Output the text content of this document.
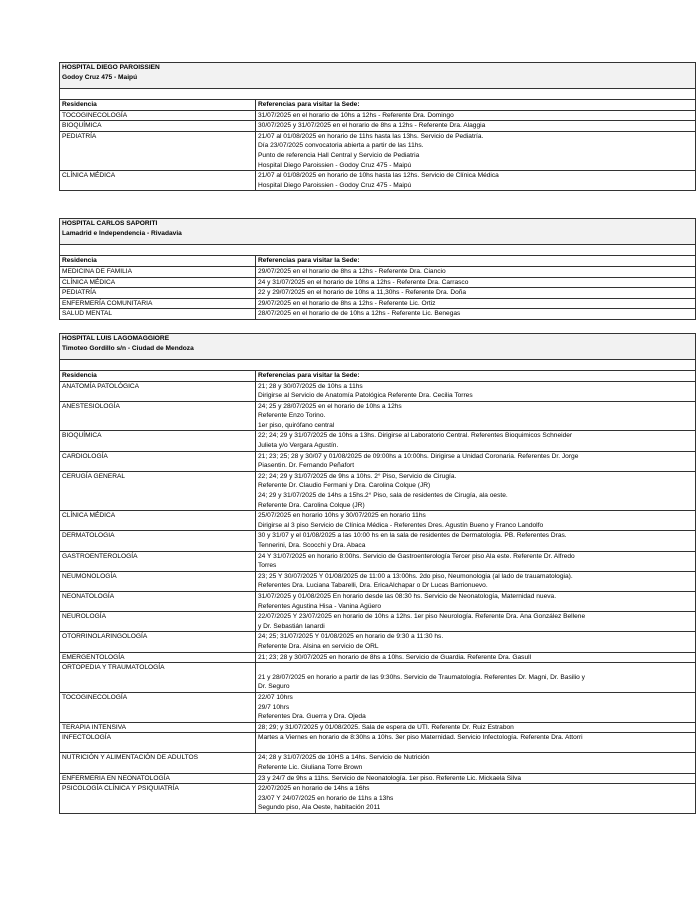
HOSPITAL DIEGO PAROISSIEN
Godoy Cruz 475 - Maipú	

Residencia	Referencias para visitar la Sede:
TOCOGINECOLOGÍA	31/07/2025 en el horario de 10hs a 12hs - Referente Dra. Domingo

BIOQUÍMICA	30/07/2025 y 31/07/2025 en el horario de 8hs a 12hs - Referente Dra. Alaggia

PEDIATRÍA	21/07 al 01/08/2025 en horario de 11hs hasta las 13hs. Servicio de Pediatría.
Día 23/07/2025 convocatoria abierta a partir de las 11hs.
Punto de referencia Hall Central y Servicio de Pediatria
Hospital Diego Paroissien - Godoy Cruz 475 - Maipú

CLÍNICA MÉDICA	21/07 al 01/08/2025 en horario de 10hs hasta las 12hs. Servicio de Clínica Médica
Hospital Diego Paroissien - Godoy Cruz 475 - Maipú
HOSPITAL CARLOS SAPORITI
Lamadrid e Independencia - Rivadavia	

Residencia	Referencias para visitar la Sede:
MEDICINA DE FAMILIA	29/07/2025 en el horario de 8hs a 12hs - Referente Dra. Ciancio

CLÍNICA MÉDICA	24 y 31/07/2025 en el horario de 10hs a 12hs - Referente Dra. Carrasco

PEDIATRÍA	22 y 29/07/2025 en el horario de 10hs a 11,30hs - Referente Dra. Doña

ENFERMERÍA COMUNITARIA	29/07/2025 en el horario de 8hs a 12hs - Referente Lic. Ortiz

SALUD MENTAL	28/07/2025 en el horario de de 10hs a 12hs - Referente Lic. Benegas
HOSPITAL LUIS LAGOMAGGIORE
Timoteo Gordillo s/n - Ciudad de Mendoza	

Residencia	Referencias para visitar la Sede:
ANATOMÍA PATOLÓGICA	21; 28 y 30/07/2025 de 10hs a 11hs
Dirigirse al Servicio de Anatomía Patológica Referente Dra. Cecilia Torres

ANESTESIOLOGÍA	24; 25 y 28/07/2025 en el horario de 10hs a 12hs
Referente Enzo Torino.
1er piso, quirófano central

BIOQUÍMICA	22; 24; 29 y 31/07/2025 de 10hs a 13hs. Dirigirse al Laboratorio Central. Referentes Bioquimicos Schneider
Julieta y/o Vergara Agustín.

CARDIOLOGÍA	21; 23; 25; 28 y 30/07 y 01/08/2025 de 09:00hs a 10:00hs. Dirigirse a Unidad Coronaria. Referentes Dr. Jorge
Piasentin. Dr. Fernando Peñafort

CERUGÍA GENERAL	22; 24; 29 y 31/07/2025 de 9hs a 10hs. 2° Piso, Servicio de Cirugía.
Referente Dr. Claudio Fermani y Dra. Carolina Colque (JR)
24; 29 y 31/07/2025 de 14hs a 15hs.2° Piso, sala de residentes de Cirugía, ala oeste.
Referente Dra. Carolina Colque (JR)

CLÍNICA MÉDICA	25/07/2025 en horario 10hs y 30/07/2025 en horario 11hs
Dirigirse al 3 piso Servicio de Clínica Médica - Referentes Dres. Agustín Bueno y Franco Landolfo

DERMATOLOGIA	30 y 31/07 y el 01/08/2025 a las 10:00 hs en la sala de residentes de Dermatología. PB. Referentes Dras.
Tennerini, Dra. Scocchi y Dra. Abaca

GASTROENTEROLOGÍA	24 Y 31/07/2025 en horario 8:00hs. Servicio de Gastroenterología Tercer piso Ala este. Referente Dr. Alfredo
Torres

NEUMONOLOGÍA	23; 25 Y 30/07/2025 Y 01/08/2025 de 11:00 a 13:00hs. 2do piso, Neumonologia (al lado de trauamatologia).
Referentes Dra. Luciana Tabarelli, Dra. EricaAlchapar o Dr Lucas Barrionuevo.

NEONATOLOGÍA	31/07/2025 y 01/08/2025 En horario desde las 08:30 hs. Servicio de Neonatología, Maternidad nueva.
Referentes Agustina Hisa - Vanina Agüero

NEUROLOGÍA	22/07/2025 Y 23/07/2025 en horario de 10hs a 12hs. 1er piso Neurología. Referente Dra. Ana González Bellene
y Dr. Sebastián Ianardi

OTORRINOLARINGOLOGÍA	24; 25; 31/07/2025 Y 01/08/2025 en horario de 9:30 a 11:30 hs.
Referente Dra. Alsina en servicio de ORL

EMERGENTOLOGÍA	21; 23; 28 y 30/07/2025 en horario de 8hs a 10hs. Servicio de Guardia. Referente Dra. Gasull

ORTOPEDIA Y TRAUMATOLOGÍA	21 y 28/07/2025 en horario a partir de las 9:30hs. Servicio de Traumatología. Referentes Dr. Magni, Dr. Basilio y
Dr. Seguro

TOCOGINECOLOGÍA	22/07 10hrs
29/7 10hrs
Referentes Dra. Guerra y Dra. Ojeda

TERAPIA INTENSIVA	28; 29; y 31/07/2025 y 01/08/2025. Sala de espera de UTI. Referente Dr. Ruiz Estrabon

INFECTOLOGÍA	Martes a Viernes en horario de 8:30hs a 10hs. 3er piso Maternidad. Servicio Infectología. Referente Dra. Attorri

NUTRICIÓN Y ALIMENTACIÓN DE ADULTOS	24; 28 y 31/07/2025 de 10HS a 14hs. Servicio de Nutrición
Referente Lic. Giuliana Torre Brown

ENFERMERIA EN NEONATOLOGÍA	23 y 24/7 de 9hs a 11hs. Servicio de Neonatología. 1er piso. Referente Lic. Mickaela Silva

PSICOLOGÍA CLÍNICA Y PSIQUIATRÍA	22/07/2025 en horario de 14hs a 16hs
23/07 Y 24/07/2025 en horario de 11hs a 13hs
Segundo piso, Ala Oeste, habitación 2011
